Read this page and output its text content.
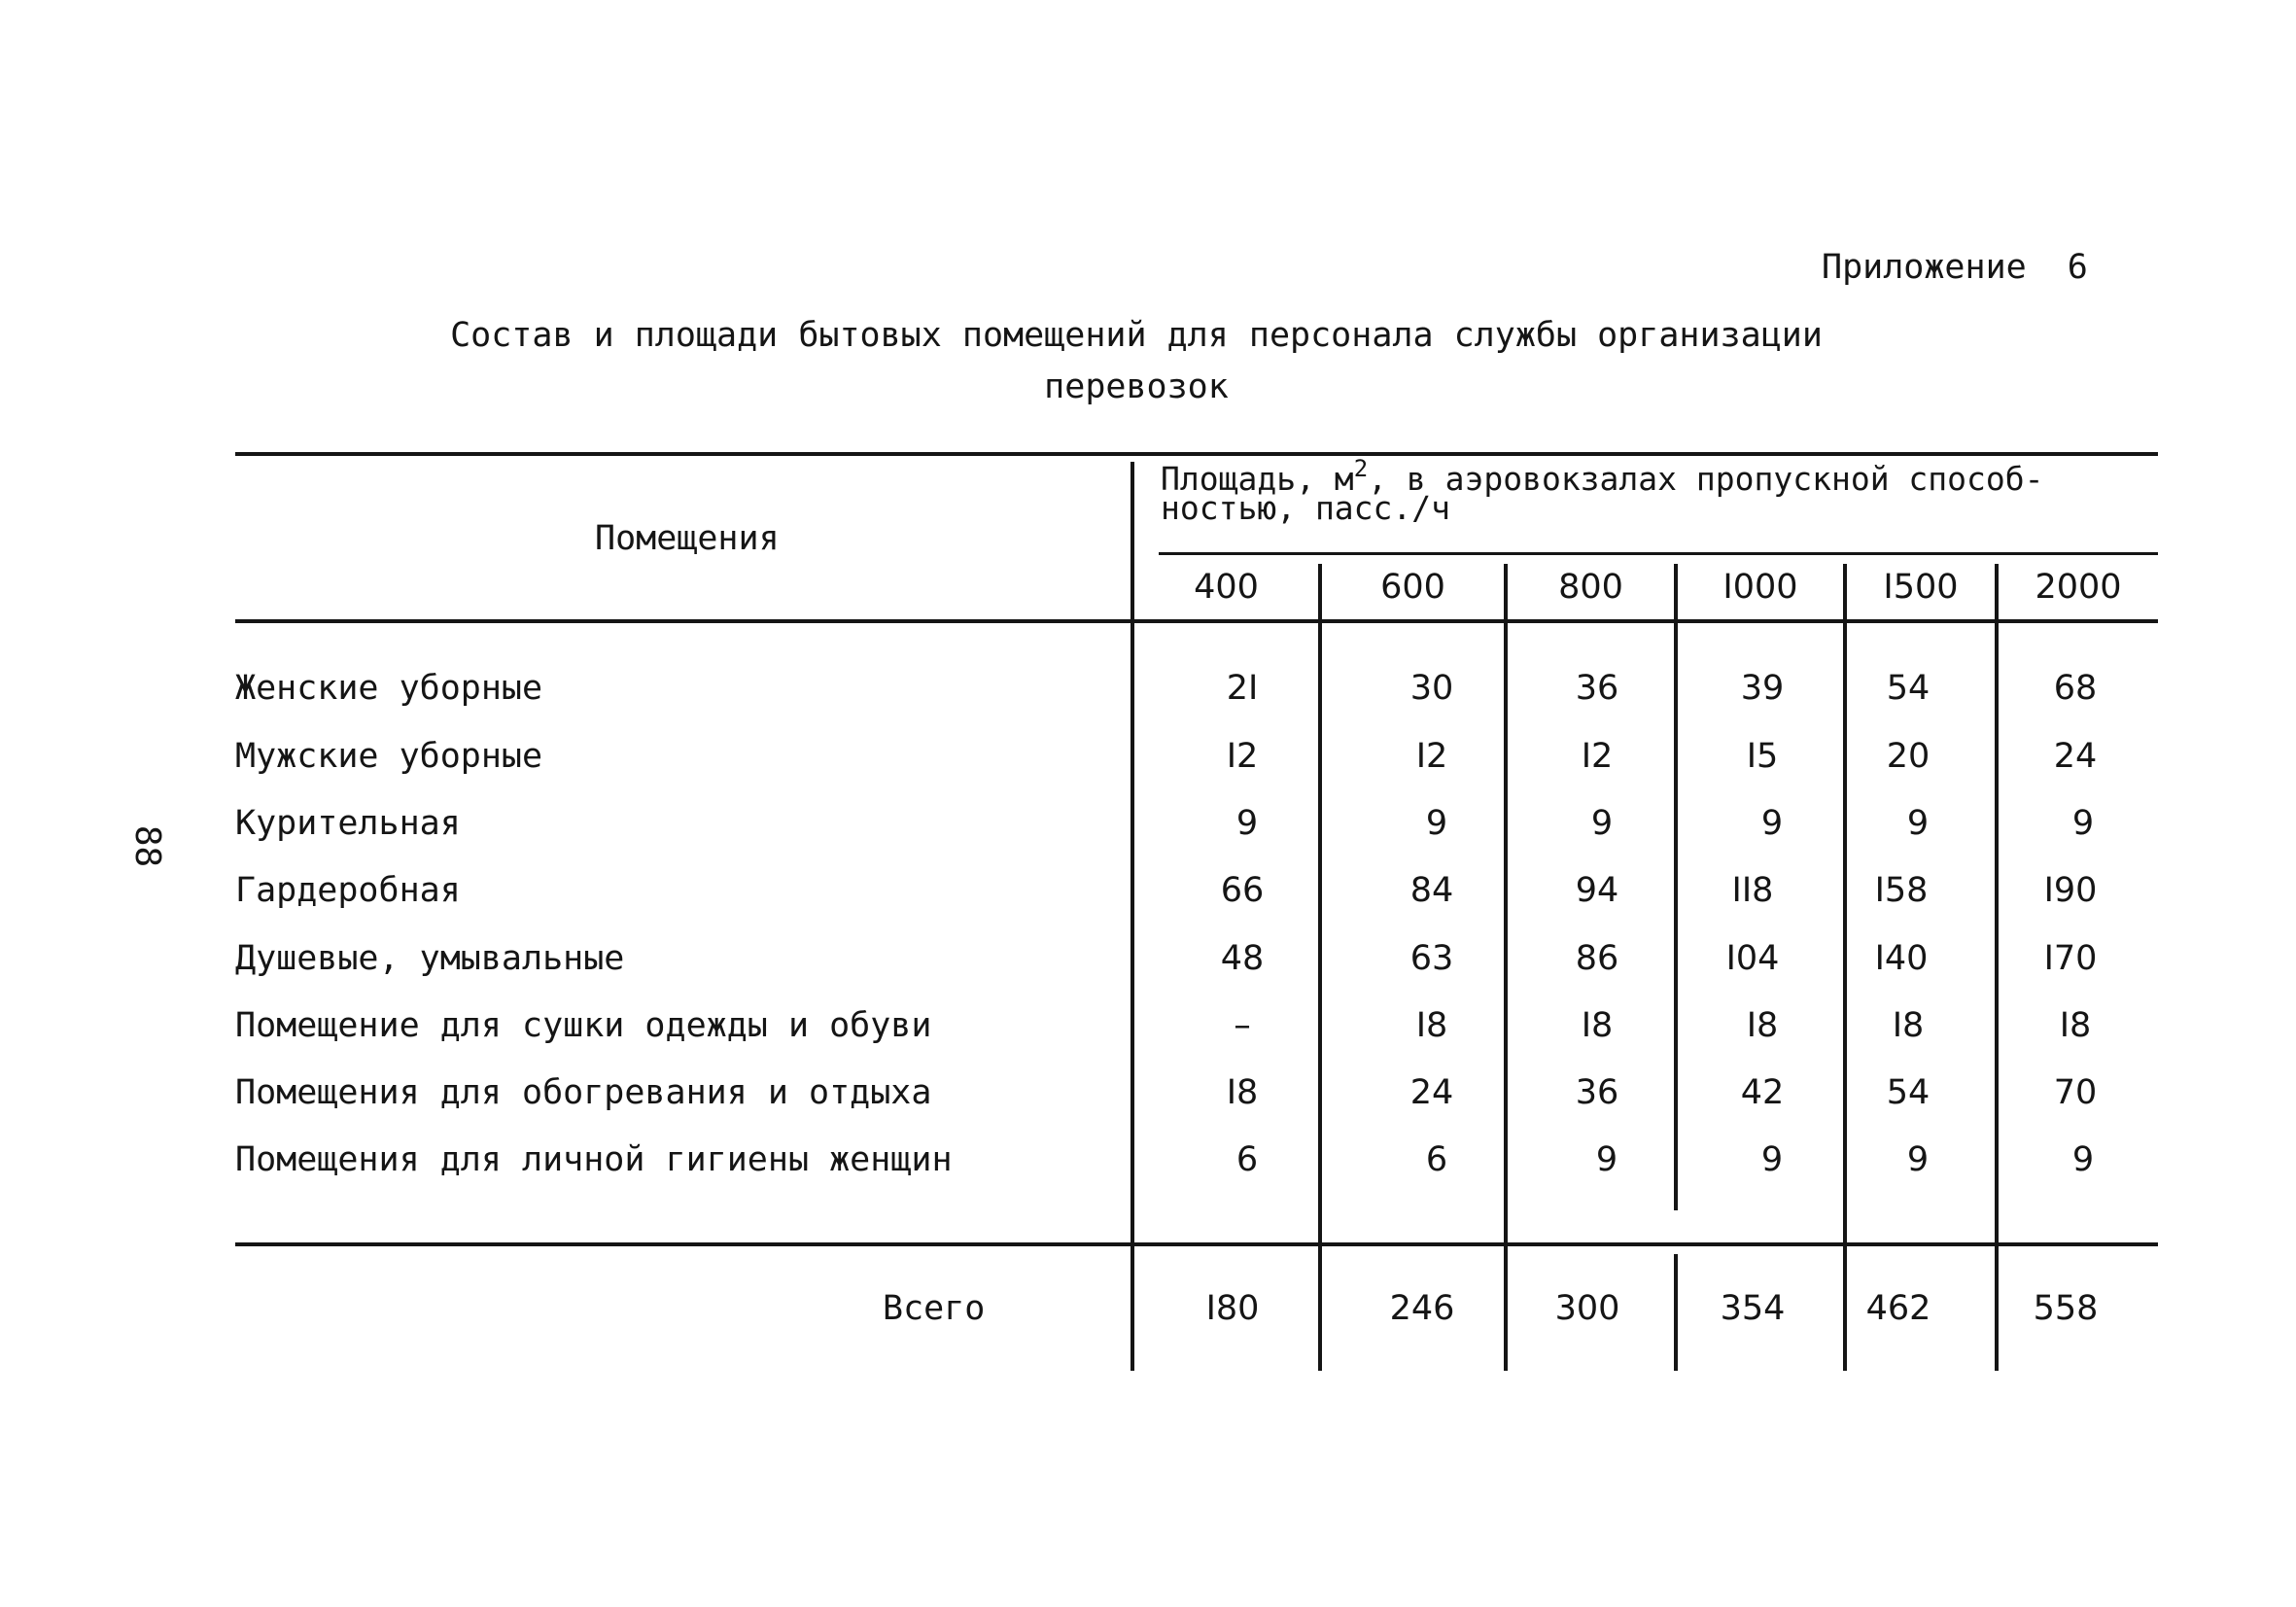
Приложение 6
88
Состав и площади бытовых помещений для персонала службы организации
перевозок
Помещения
Площадь, $м^2$, в аэровокзалах пропускной способ-
ностью, пасс./ч
400	600	800	I000	I500	2000
Женские уборные	2I	30	36	39	54	68
Мужские уборные	I2	I2	I2	I5	20	24
Курительная	9	9	9	9	9	9
Гардеробная	66	84	94	II8	I58	I90
Душевые, умывальные	48	63	86	I04	I40	I70
Помещение для сушки одежды и обуви	–	I8	I8	I8	I8	I8
Помещения для обогревания и отдыха	I8	24	36	42	54	70
Помещения для личной гигиены женщин	6	6	9	9	9	9
Всего	I80	246	300	354	462	558
